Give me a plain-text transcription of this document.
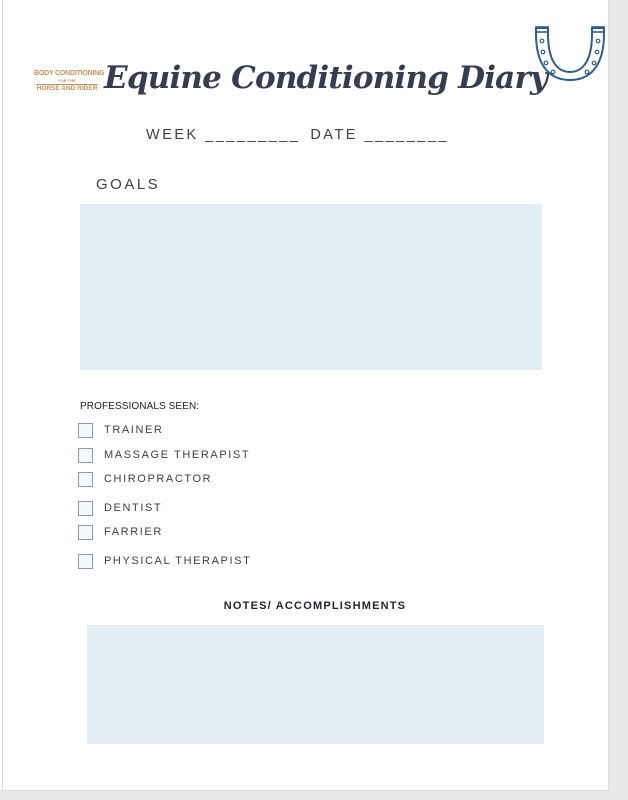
BODY CONDITIONING
FOR THE
HORSE AND RIDER Equine Conditioning Diary
WEEK _________ DATE ________
GOALS
PROFESSIONALS SEEN:
TRAINER
MASSAGE THERAPIST
CHIROPRACTOR
DENTIST
FARRIER
PHYSICAL THERAPIST
NOTES/ ACCOMPLISHMENTS
